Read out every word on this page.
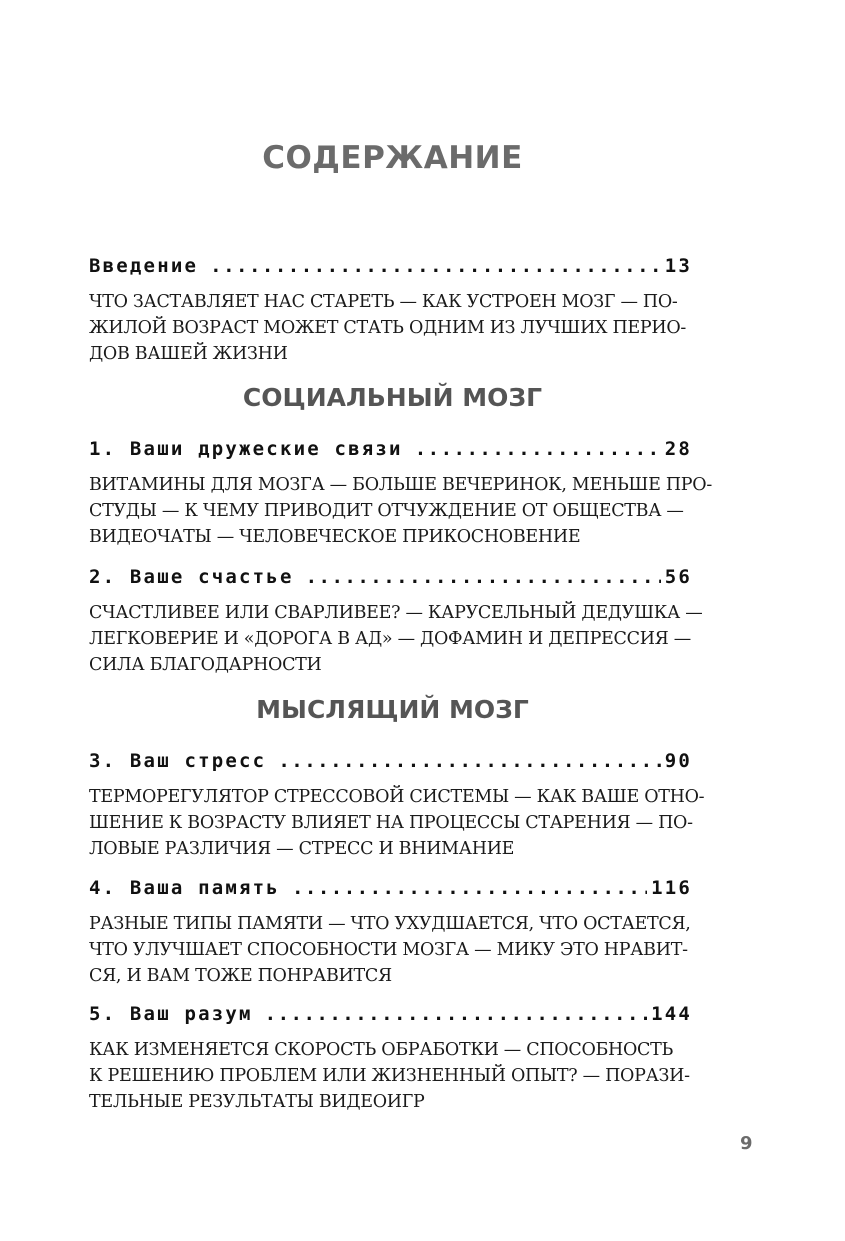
СОДЕРЖАНИЕ
Введение .....	13
ЧТО ЗАСТАВЛЯЕТ НАС СТАРЕТЬ — КАК УСТРОЕН МОЗГ — ПО-
ЖИЛОЙ ВОЗРАСТ МОЖЕТ СТАТЬ ОДНИМ ИЗ ЛУЧШИХ ПЕРИО-
ДОВ ВАШЕЙ ЖИЗНИ
СОЦИАЛЬНЫЙ МОЗГ
1. Ваши дружеские связи .....	28
ВИТАМИНЫ ДЛЯ МОЗГА — БОЛЬШЕ ВЕЧЕРИНОК, МЕНЬШЕ ПРО-
СТУДЫ — К ЧЕМУ ПРИВОДИТ ОТЧУЖДЕНИЕ ОТ ОБЩЕСТВА —
ВИДЕОЧАТЫ — ЧЕЛОВЕЧЕСКОЕ ПРИКОСНОВЕНИЕ
2. Ваше счастье .....	56
СЧАСТЛИВЕЕ ИЛИ СВАРЛИВЕЕ? — КАРУСЕЛЬНЫЙ ДЕДУШКА —
ЛЕГКОВЕРИЕ И «ДОРОГА В АД» — ДОФАМИН И ДЕПРЕССИЯ —
СИЛА БЛАГОДАРНОСТИ
МЫСЛЯЩИЙ МОЗГ
3. Ваш стресс .....	90
ТЕРМОРЕГУЛЯТОР СТРЕССОВОЙ СИСТЕМЫ — КАК ВАШЕ ОТНО-
ШЕНИЕ К ВОЗРАСТУ ВЛИЯЕТ НА ПРОЦЕССЫ СТАРЕНИЯ — ПО-
ЛОВЫЕ РАЗЛИЧИЯ — СТРЕСС И ВНИМАНИЕ
4. Ваша память .....	116
РАЗНЫЕ ТИПЫ ПАМЯТИ — ЧТО УХУДШАЕТСЯ, ЧТО ОСТАЕТСЯ,
ЧТО УЛУЧШАЕТ СПОСОБНОСТИ МОЗГА — МИКУ ЭТО НРАВИТ-
СЯ, И ВАМ ТОЖЕ ПОНРАВИТСЯ
5. Ваш разум .....	144
КАК ИЗМЕНЯЕТСЯ СКОРОСТЬ ОБРАБОТКИ — СПОСОБНОСТЬ
К РЕШЕНИЮ ПРОБЛЕМ ИЛИ ЖИЗНЕННЫЙ ОПЫТ? — ПОРАЗИ-
ТЕЛЬНЫЕ РЕЗУЛЬТАТЫ ВИДЕОИГР
9
